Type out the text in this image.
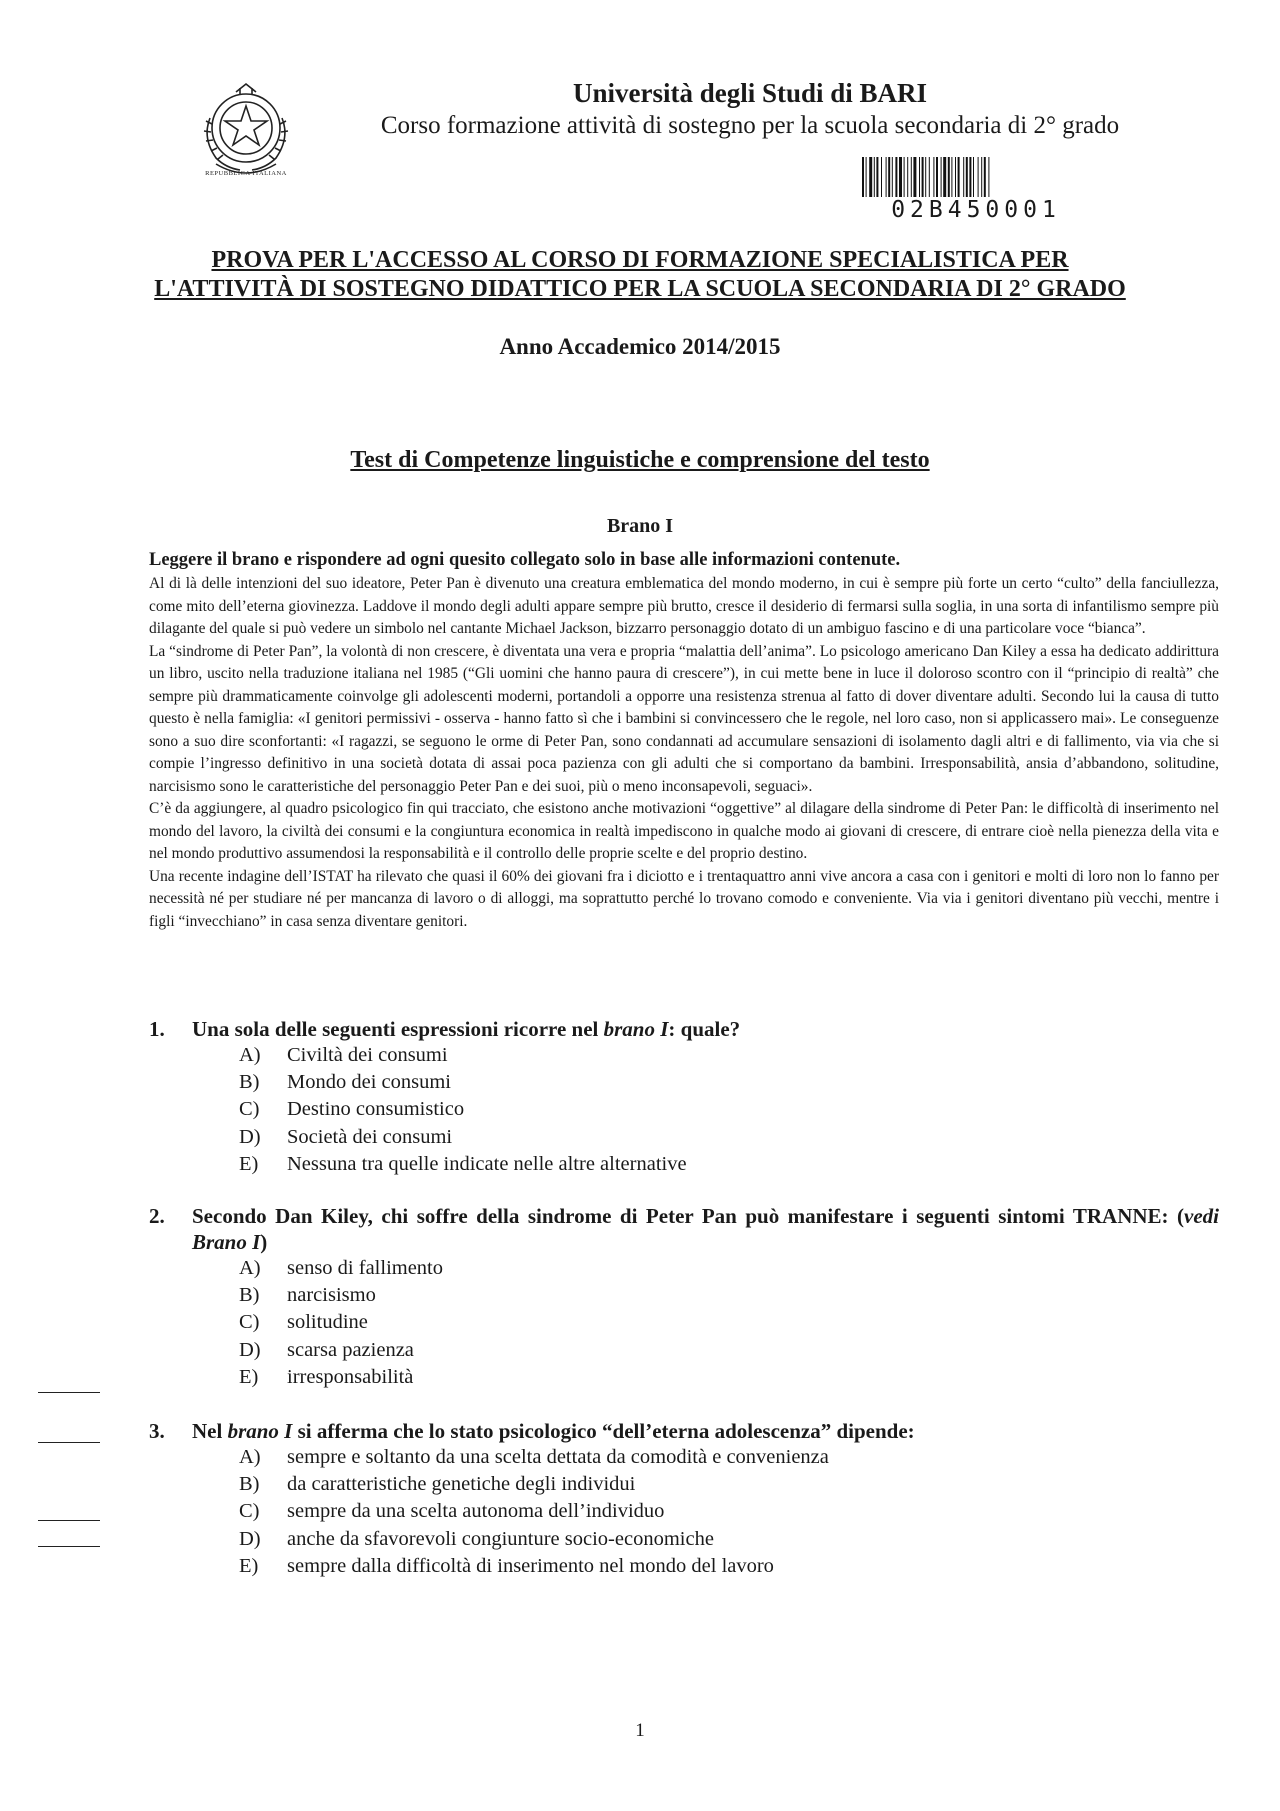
REPUBBLICA ITALIANA
Università degli Studi di BARI
Corso formazione attività di sostegno per la scuola secondaria di 2° grado
02B450001
PROVA PER L'ACCESSO AL CORSO DI FORMAZIONE SPECIALISTICA PER
L'ATTIVITÀ DI SOSTEGNO DIDATTICO PER LA SCUOLA SECONDARIA DI 2° GRADO
Anno Accademico 2014/2015
Test di Competenze linguistiche e comprensione del testo
Brano I
Leggere il brano e rispondere ad ogni quesito collegato solo in base alle informazioni contenute.

Al di là delle intenzioni del suo ideatore, Peter Pan è divenuto una creatura emblematica del mondo moderno, in cui è sempre più forte un certo “culto” della fanciullezza, come mito dell’eterna giovinezza. Laddove il mondo degli adulti appare sempre più brutto, cresce il desiderio di fermarsi sulla soglia, in una sorta di infantilismo sempre più dilagante del quale si può vedere un simbolo nel cantante Michael Jackson, bizzarro personaggio dotato di un ambiguo fascino e di una particolare voce “bianca”.

La “sindrome di Peter Pan”, la volontà di non crescere, è diventata una vera e propria “malattia dell’anima”. Lo psicologo americano Dan Kiley a essa ha dedicato addirittura un libro, uscito nella traduzione italiana nel 1985 (“Gli uomini che hanno paura di crescere”), in cui mette bene in luce il doloroso scontro con il “principio di realtà” che sempre più drammaticamente coinvolge gli adolescenti moderni, portandoli a opporre una resistenza strenua al fatto di dover diventare adulti. Secondo lui la causa di tutto questo è nella famiglia: «I genitori permissivi - osserva - hanno fatto sì che i bambini si convincessero che le regole, nel loro caso, non si applicassero mai». Le conseguenze sono a suo dire sconfortanti: «I ragazzi, se seguono le orme di Peter Pan, sono condannati ad accumulare sensazioni di isolamento dagli altri e di fallimento, via via che si compie l’ingresso definitivo in una società dotata di assai poca pazienza con gli adulti che si comportano da bambini. Irresponsabilità, ansia d’abbandono, solitudine, narcisismo sono le caratteristiche del personaggio Peter Pan e dei suoi, più o meno inconsapevoli, seguaci».

C’è da aggiungere, al quadro psicologico fin qui tracciato, che esistono anche motivazioni “oggettive” al dilagare della sindrome di Peter Pan: le difficoltà di inserimento nel mondo del lavoro, la civiltà dei consumi e la congiuntura economica in realtà impediscono in qualche modo ai giovani di crescere, di entrare cioè nella pienezza della vita e nel mondo produttivo assumendosi la responsabilità e il controllo delle proprie scelte e del proprio destino.

Una recente indagine dell’ISTAT ha rilevato che quasi il 60% dei giovani fra i diciotto e i trentaquattro anni vive ancora a casa con i genitori e molti di loro non lo fanno per necessità né per studiare né per mancanza di lavoro o di alloggi, ma soprattutto perché lo trovano comodo e conveniente. Via via i genitori diventano più vecchi, mentre i figli “invecchiano” in casa senza diventare genitori.

1. Una sola delle seguenti espressioni ricorre nel brano I: quale?
A)	Civiltà dei consumi
B)	Mondo dei consumi
C)	Destino consumistico
D)	Società dei consumi
E)	Nessuna tra quelle indicate nelle altre alternative
2. Secondo Dan Kiley, chi soffre della sindrome di Peter Pan può manifestare i seguenti sintomi TRANNE: (vedi Brano I)
A)	senso di fallimento
B)	narcisismo
C)	solitudine
D)	scarsa pazienza
E)	irresponsabilità
3. Nel brano I si afferma che lo stato psicologico “dell’eterna adolescenza” dipende:
A)	sempre e soltanto da una scelta dettata da comodità e convenienza
B)	da caratteristiche genetiche degli individui
C)	sempre da una scelta autonoma dell’individuo
D)	anche da sfavorevoli congiunture socio-economiche
E)	sempre dalla difficoltà di inserimento nel mondo del lavoro
1
